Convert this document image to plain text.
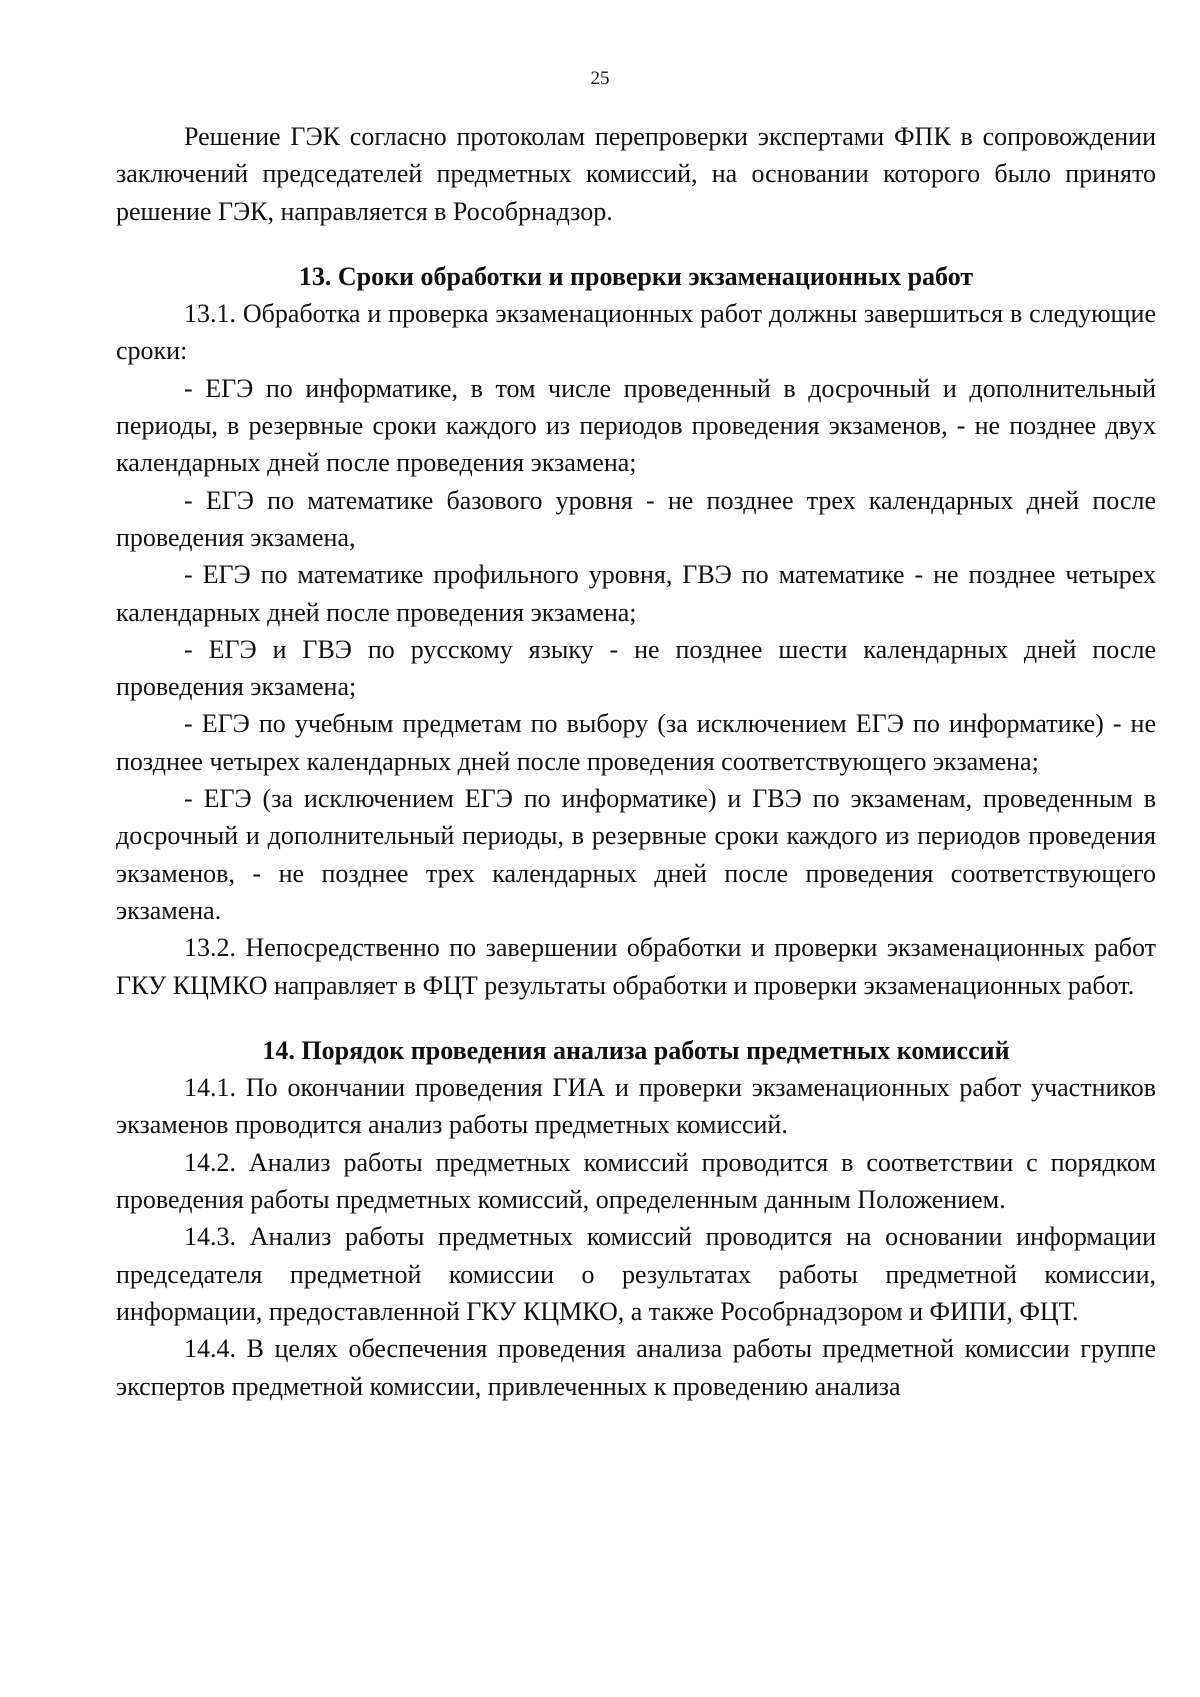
25

Решение ГЭК согласно протоколам перепроверки экспертами ФПК в сопровождении заключений председателей предметных комиссий, на основании которого было принято решение ГЭК, направляется в Рособрнадзор.

13. Сроки обработки и проверки экзаменационных работ

13.1. Обработка и проверка экзаменационных работ должны завершиться в следующие сроки:

- ЕГЭ по информатике, в том числе проведенный в досрочный и дополнительный периоды, в резервные сроки каждого из периодов проведения экзаменов, - не позднее двух календарных дней после проведения экзамена;

- ЕГЭ по математике базового уровня - не позднее трех календарных дней после проведения экзамена,

- ЕГЭ по математике профильного уровня, ГВЭ по математике - не позднее четырех календарных дней после проведения экзамена;

- ЕГЭ и ГВЭ по русскому языку - не позднее шести календарных дней после проведения экзамена;

- ЕГЭ по учебным предметам по выбору (за исключением ЕГЭ по информатике) - не позднее четырех календарных дней после проведения соответствующего экзамена;

- ЕГЭ (за исключением ЕГЭ по информатике) и ГВЭ по экзаменам, проведенным в досрочный и дополнительный периоды, в резервные сроки каждого из периодов проведения экзаменов, - не позднее трех календарных дней после проведения соответствующего экзамена.

13.2. Непосредственно по завершении обработки и проверки экзаменационных работ ГКУ КЦМКО направляет в ФЦТ результаты обработки и проверки экзаменационных работ.

14. Порядок проведения анализа работы предметных комиссий

14.1. По окончании проведения ГИА и проверки экзаменационных работ участников экзаменов проводится анализ работы предметных комиссий.

14.2. Анализ работы предметных комиссий проводится в соответствии с порядком проведения работы предметных комиссий, определенным данным Положением.

14.3. Анализ работы предметных комиссий проводится на основании информации председателя предметной комиссии о результатах работы предметной комиссии, информации, предоставленной ГКУ КЦМКО, а также Рособрнадзором и ФИПИ, ФЦТ.

14.4. В целях обеспечения проведения анализа работы предметной комиссии группе экспертов предметной комиссии, привлеченных к проведению анализа
